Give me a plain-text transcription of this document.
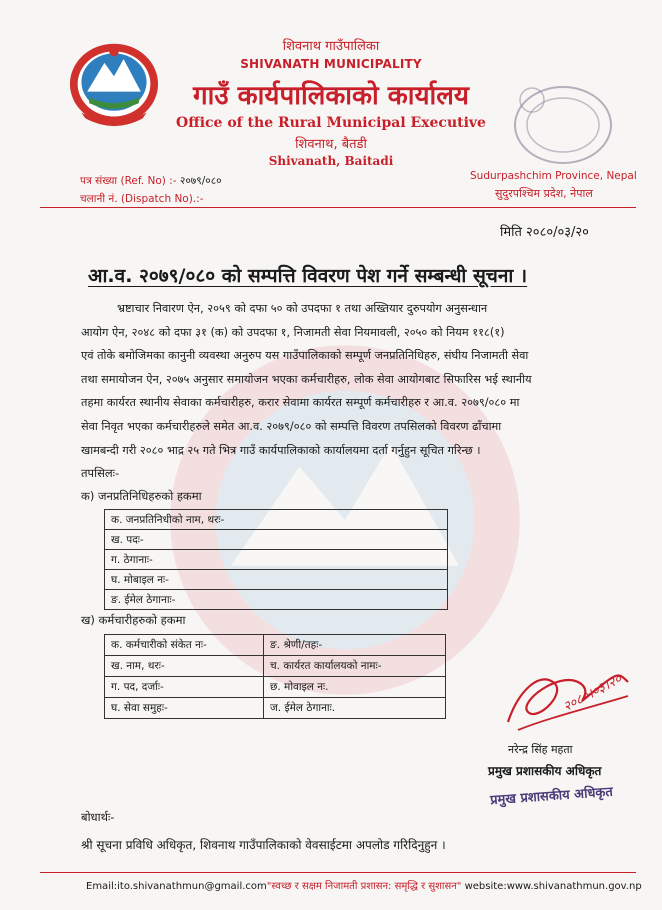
शिवनाथ गाउँपालिका
SHIVANATH MUNICIPALITY
गाउँ कार्यपालिकाको कार्यालय
Office of the Rural Municipal Executive
शिवनाथ, बैतडी
Shivanath, Baitadi
पत्र संख्या (Ref. No) :- २०७९/०८०
चलानी नं. (Dispatch No).:-
Sudurpashchim Province, Nepal
सुदुरपश्चिम प्रदेश, नेपाल
मिति २०८०/०३/२०
आ.व. २०७९/०८० को सम्पत्ति विवरण पेश गर्ने सम्बन्धी सूचना ।
भ्रष्टाचार निवारण ऐन, २०५९ को दफा ५० को उपदफा १ तथा अख्तियार दुरुपयोग अनुसन्धान
आयोग ऐन, २०४८ को दफा ३१ (क) को उपदफा १, निजामती सेवा नियमावली, २०५० को नियम ११८(१)
एवं तोके बमोजिमका कानुनी व्यवस्था अनुरुप यस गाउँपालिकाको सम्पूर्ण जनप्रतिनिधिहरु, संघीय निजामती सेवा
तथा समायोजन ऐन, २०७५ अनुसार समायोजन भएका कर्मचारीहरु, लोक सेवा आयोगबाट सिफारिस भई स्थानीय
तहमा कार्यरत स्थानीय सेवाका कर्मचारीहरु, करार सेवामा कार्यरत सम्पूर्ण कर्मचारीहरु र आ.व. २०७९/०८० मा
सेवा निवृत भएका कर्मचारीहरुले समेत आ.व. २०७९/०८० को सम्पत्ति विवरण तपसिलको विवरण ढाँचामा
खामबन्दी गरी २०८० भाद्र २५ गते भित्र गाउँ कार्यपालिकाको कार्यालयमा दर्ता गर्नुहुन सूचित गरिन्छ ।
तपसिलः-
क) जनप्रतिनिधिहरुको हकमा
क. जनप्रतिनिधीको नाम, थरः-
ख. पदः-
ग. ठेगानाः-
घ. मोबाइल नः-
ङ. ईमेल ठेगानाः-
ख) कर्मचारीहरुको हकमा
क. कर्मचारीको संकेत नः-	ङ. श्रेणी/तहः-
ख. नाम, थरः-	च. कार्यरत कार्यालयको नामः-
ग. पद, दर्जाः-	छ. मोवाइल नः.
घ. सेवा समुहः-	ज. ईमेल ठेगानाः.	२०८०।०३।२०
नरेन्द्र सिंह महता
प्रमुख प्रशासकीय अधिकृत
प्रमुख प्रशासकीय अधिकृत
बोधार्थः-
श्री सूचना प्रविधि अधिकृत, शिवनाथ गाउँपालिकाको वेवसाईटमा अपलोड गरिदिनुहुन ।
Email:ito.shivanathmun@gmail.com"स्वच्छ र सक्षम निजामती प्रशासन: समृद्धि र सुशासन" website:www.shivanathmun.gov.np
